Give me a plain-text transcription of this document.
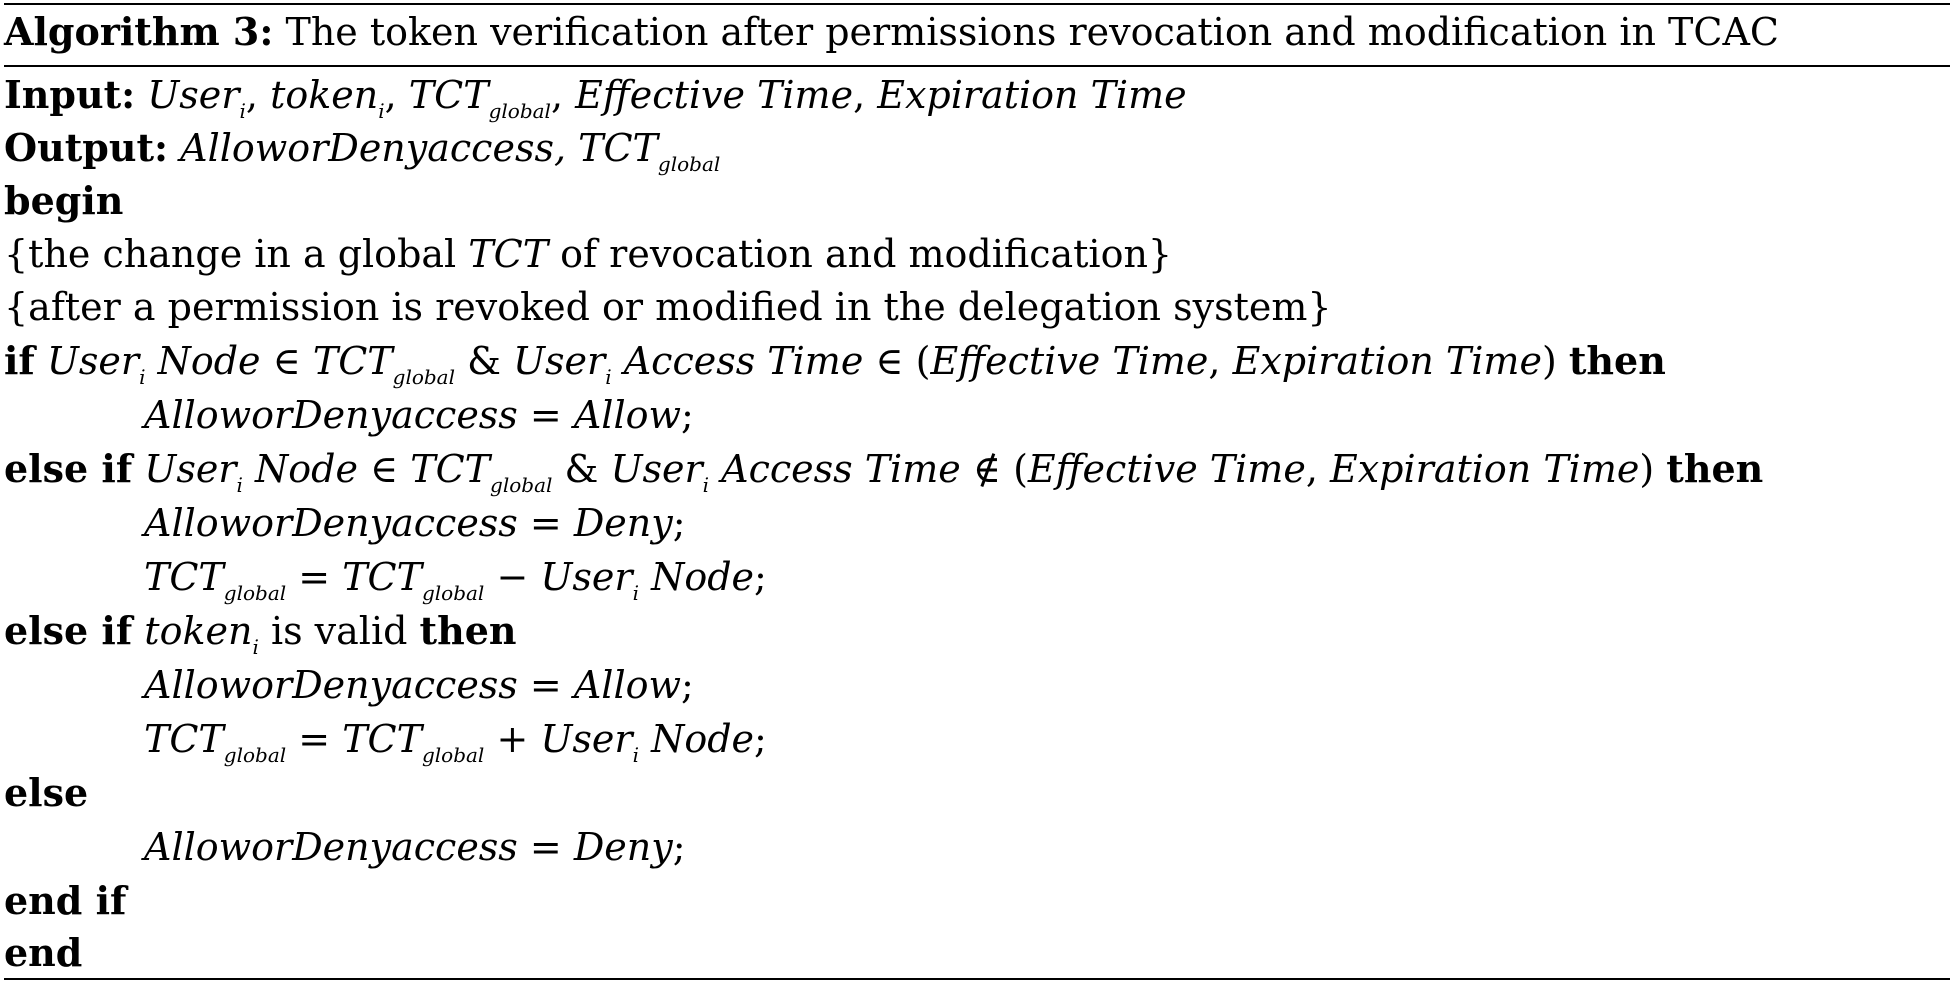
Algorithm 3: The token verification after permissions revocation and modification in TCAC
Input: User$_i$, token$_i$, $TCT_{global}$, Effective Time, Expiration Time
Output: AlloworDenyaccess, $TCT_{global}$
begin
{the change in a global TCT of revocation and modification}
{after a permission is revoked or modified in the delegation system}
if User$_i$ Node ∈ $TCT_{global}$ & User$_i$ Access Time ∈ (Effective Time, Expiration Time) then
AlloworDenyaccess = Allow;
else if User$_i$ Node ∈ $TCT_{global}$ & User$_i$ Access Time ∉ (Effective Time, Expiration Time) then
AlloworDenyaccess = Deny;
$TCT_{global} = TCT_{global}$ − User$_i$ Node;
else if token$_i$ is valid then
AlloworDenyaccess = Allow;
$TCT_{global} = TCT_{global}$ + User$_i$ Node;
else
AlloworDenyaccess = Deny;
end if
end
